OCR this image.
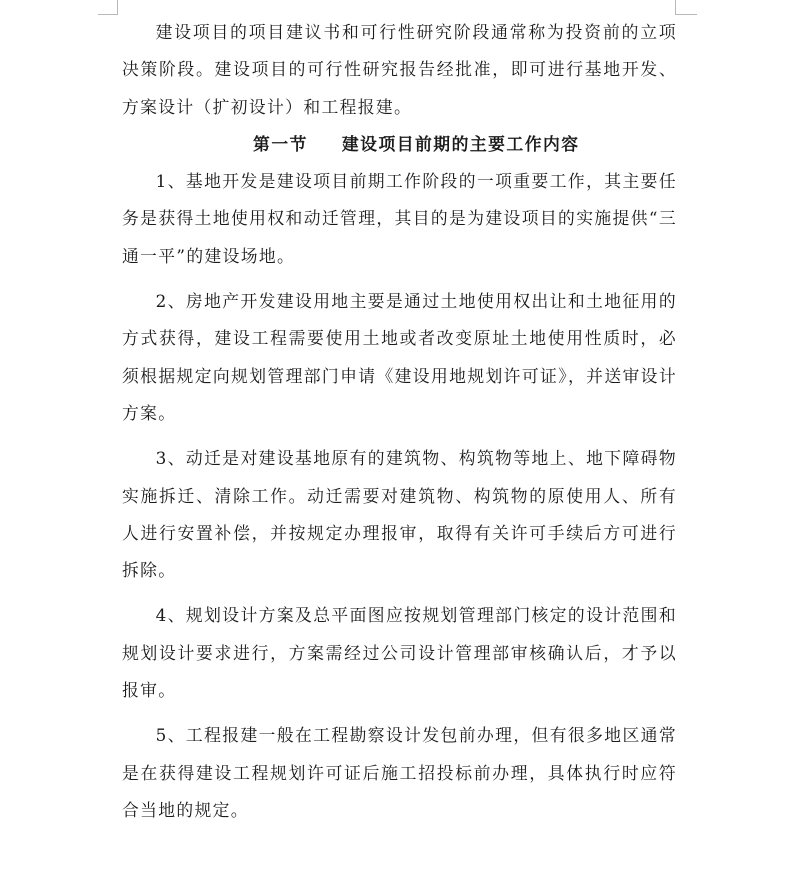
建设项目的项目建议书和可行性研究阶段通常称为投资前的立项决策阶段。建设项目的可行性研究报告经批准，即可进行基地开发、方案设计（扩初设计）和工程报建。

第一节 建设项目前期的主要工作内容

1、基地开发是建设项目前期工作阶段的一项重要工作，其主要任务是获得土地使用权和动迁管理，其目的是为建设项目的实施提供“三通一平”的建设场地。

2、房地产开发建设用地主要是通过土地使用权出让和土地征用的方式获得，建设工程需要使用土地或者改变原址土地使用性质时，必须根据规定向规划管理部门申请《建设用地规划许可证》，并送审设计方案。

3、动迁是对建设基地原有的建筑物、构筑物等地上、地下障碍物实施拆迁、清除工作。动迁需要对建筑物、构筑物的原使用人、所有人进行安置补偿，并按规定办理报审，取得有关许可手续后方可进行拆除。

4、规划设计方案及总平面图应按规划管理部门核定的设计范围和规划设计要求进行，方案需经过公司设计管理部审核确认后，才予以报审。

5、工程报建一般在工程勘察设计发包前办理，但有很多地区通常是在获得建设工程规划许可证后施工招投标前办理，具体执行时应符合当地的规定。
